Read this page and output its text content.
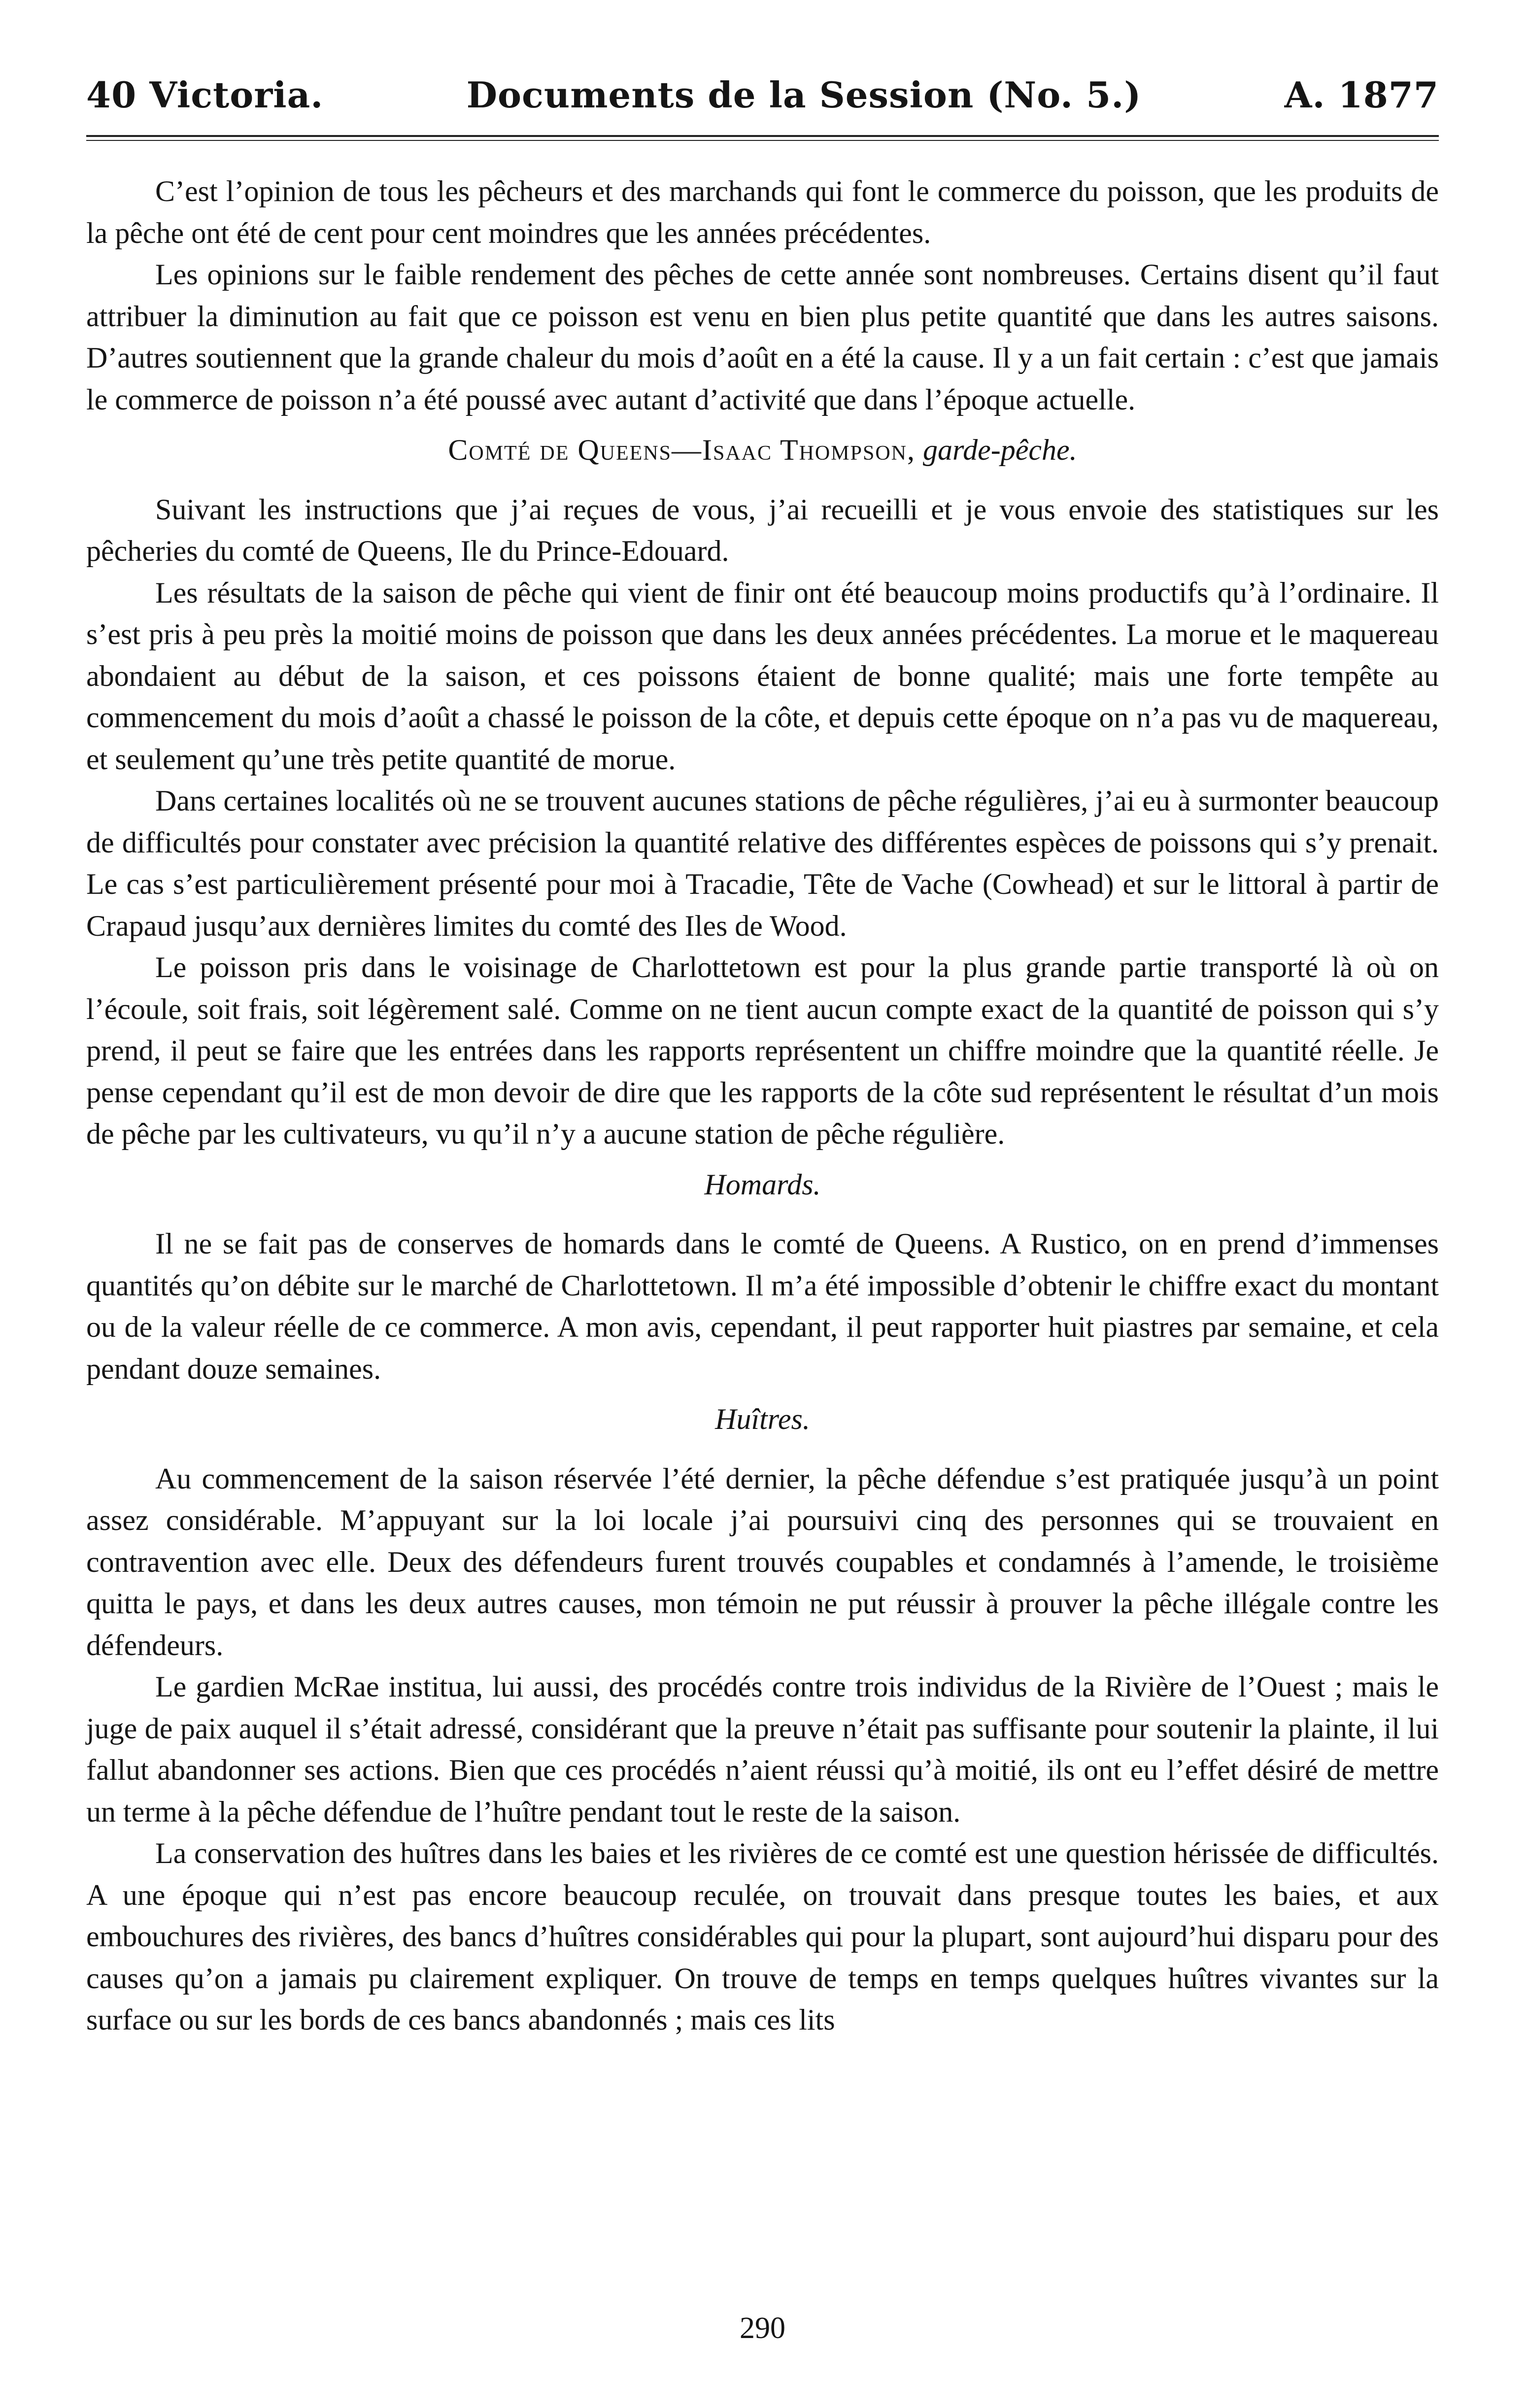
40 Victoria.	Documents de la Session (No. 5.)	A. 1877

C’est l’opinion de tous les pêcheurs et des marchands qui font le commerce du poisson, que les produits de la pêche ont été de cent pour cent moindres que les années précédentes.

Les opinions sur le faible rendement des pêches de cette année sont nombreuses. Certains disent qu’il faut attribuer la diminution au fait que ce poisson est venu en bien plus petite quantité que dans les autres saisons. D’autres soutiennent que la grande chaleur du mois d’août en a été la cause. Il y a un fait certain : c’est que jamais le commerce de poisson n’a été poussé avec autant d’activité que dans l’époque actuelle.

Comté de Queens—Isaac Thompson, garde-pêche.

Suivant les instructions que j’ai reçues de vous, j’ai recueilli et je vous envoie des statistiques sur les pêcheries du comté de Queens, Ile du Prince-Edouard.

Les résultats de la saison de pêche qui vient de finir ont été beaucoup moins productifs qu’à l’ordinaire. Il s’est pris à peu près la moitié moins de poisson que dans les deux années précédentes. La morue et le maquereau abondaient au début de la saison, et ces poissons étaient de bonne qualité; mais une forte tempête au commencement du mois d’août a chassé le poisson de la côte, et depuis cette époque on n’a pas vu de maquereau, et seulement qu’une très petite quantité de morue.

Dans certaines localités où ne se trouvent aucunes stations de pêche régulières, j’ai eu à surmonter beaucoup de difficultés pour constater avec précision la quantité relative des différentes espèces de poissons qui s’y prenait. Le cas s’est particulièrement présenté pour moi à Tracadie, Tête de Vache (Cowhead) et sur le littoral à partir de Crapaud jusqu’aux dernières limites du comté des Iles de Wood.

Le poisson pris dans le voisinage de Charlottetown est pour la plus grande partie transporté là où on l’écoule, soit frais, soit légèrement salé. Comme on ne tient aucun compte exact de la quantité de poisson qui s’y prend, il peut se faire que les entrées dans les rapports représentent un chiffre moindre que la quantité réelle. Je pense cependant qu’il est de mon devoir de dire que les rapports de la côte sud représentent le résultat d’un mois de pêche par les cultivateurs, vu qu’il n’y a aucune station de pêche régulière.

Homards.

Il ne se fait pas de conserves de homards dans le comté de Queens. A Rustico, on en prend d’immenses quantités qu’on débite sur le marché de Charlottetown. Il m’a été impossible d’obtenir le chiffre exact du montant ou de la valeur réelle de ce commerce. A mon avis, cependant, il peut rapporter huit piastres par semaine, et cela pendant douze semaines.

Huîtres.

Au commencement de la saison réservée l’été dernier, la pêche défendue s’est pratiquée jusqu’à un point assez considérable. M’appuyant sur la loi locale j’ai poursuivi cinq des personnes qui se trouvaient en contravention avec elle. Deux des défendeurs furent trouvés coupables et condamnés à l’amende, le troisième quitta le pays, et dans les deux autres causes, mon témoin ne put réussir à prouver la pêche illégale contre les défendeurs.

Le gardien McRae institua, lui aussi, des procédés contre trois individus de la Rivière de l’Ouest ; mais le juge de paix auquel il s’était adressé, considérant que la preuve n’était pas suffisante pour soutenir la plainte, il lui fallut abandonner ses actions. Bien que ces procédés n’aient réussi qu’à moitié, ils ont eu l’effet désiré de mettre un terme à la pêche défendue de l’huître pendant tout le reste de la saison.

La conservation des huîtres dans les baies et les rivières de ce comté est une question hérissée de difficultés. A une époque qui n’est pas encore beaucoup reculée, on trouvait dans presque toutes les baies, et aux embouchures des rivières, des bancs d’huîtres considérables qui pour la plupart, sont aujourd’hui disparu pour des causes qu’on a jamais pu clairement expliquer. On trouve de temps en temps quelques huîtres vivantes sur la surface ou sur les bords de ces bancs abandonnés ; mais ces lits

290
